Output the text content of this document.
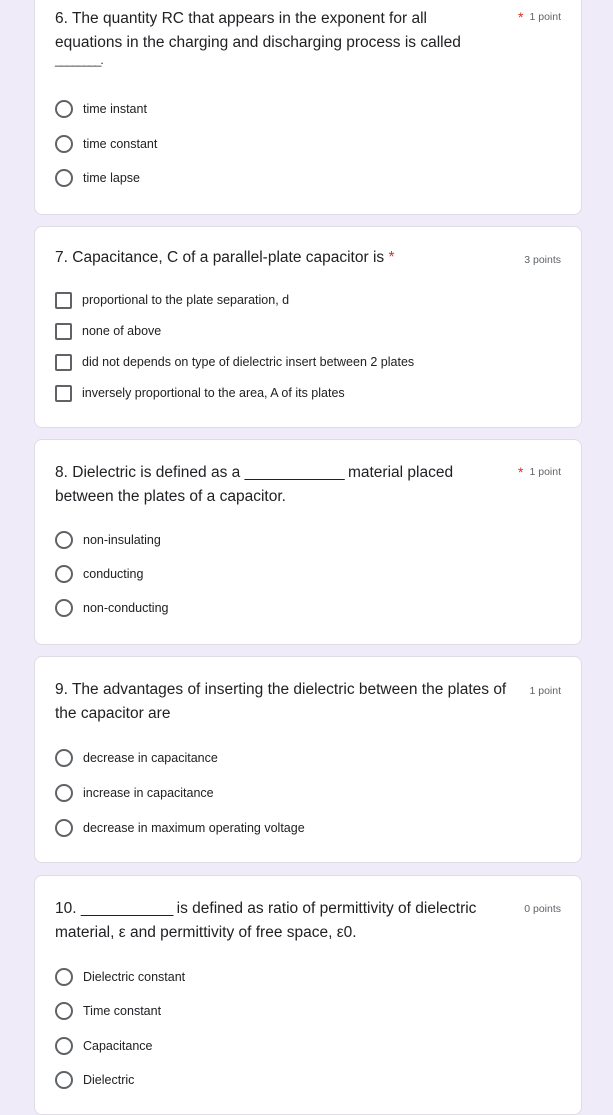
6. The quantity RC that appears in the exponent for all equations in the charging and discharging process is called
* 1 point
________.
time instant
time constant
time lapse
7. Capacitance, C of a parallel-plate capacitor is *	3 points
proportional to the plate separation, d
none of above
did not depends on type of dielectric insert between 2 plates
inversely proportional to the area, A of its plates
8. Dielectric is defined as a _____________ material placed between the plates of a capacitor.
* 1 point
non-insulating
conducting
non-conducting
9. The advantages of inserting the dielectric between the plates of the capacitor are
1 point
decrease in capacitance
increase in capacitance
decrease in maximum operating voltage
10. ____________ is defined as ratio of permittivity of dielectric material, ε and permittivity of free space, ε0.
0 points
Dielectric constant
Time constant
Capacitance
Dielectric
